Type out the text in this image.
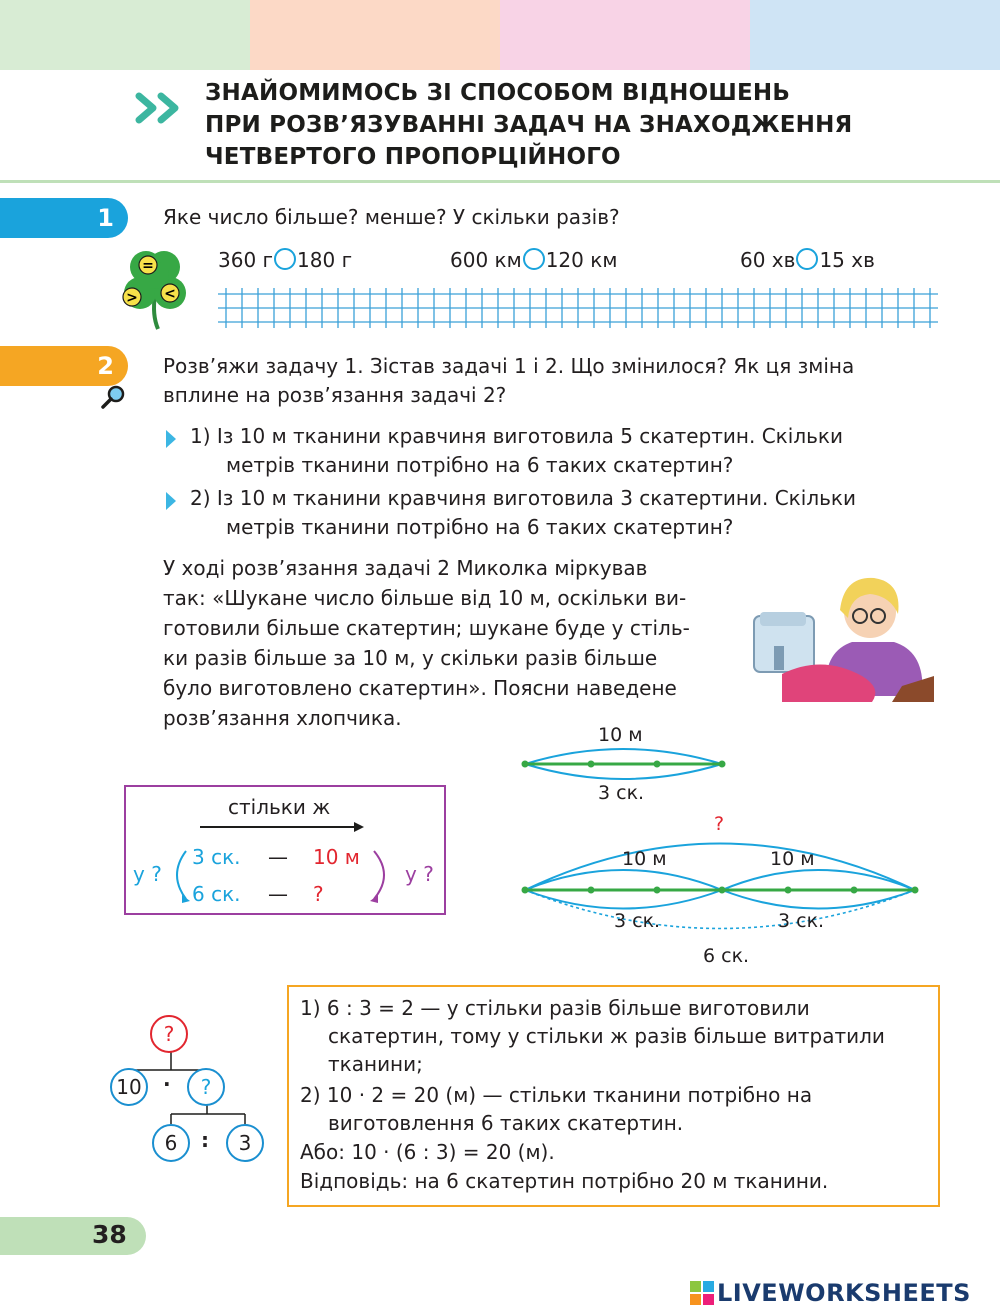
ЗНАЙОМИМОСЬ ЗІ СПОСОБОМ ВІДНОШЕНЬ
ПРИ РОЗВ’ЯЗУВАННІ ЗАДАЧ НА ЗНАХОДЖЕННЯ
ЧЕТВЕРТОГО ПРОПОРЦІЙНОГО
1	Яке число більше? менше? У скільки разів?
=
> <
360 г 180 г	600 км 120 км	60 хв 15 хв
2	Розв’яжи задачу 1. Зістав задачі 1 і 2. Що змінилося? Як ця зміна
вплине на розв’язання задачі 2?
1) Із 10 м тканини кравчиня виготовила 5 скатертин. Скільки
метрів тканини потрібно на 6 таких скатертин?
2) Із 10 м тканини кравчиня виготовила 3 скатертини. Скільки
метрів тканини потрібно на 6 таких скатертин?
У ході розв’язання задачі 2 Миколка міркував
так: «Шукане число більше від 10 м, оскільки ви-
готовили більше скатертин; шукане буде у стіль-
ки разів більше за 10 м, у скільки разів більше
було виготовлено скатертин». Поясни наведене
розв’язання хлопчика.
стільки ж
у ?
3 ск. — 10 м
6 ск. — ?
у ?
10 м
3 ск.
?
10 м	10 м
3 ск.	3 ск.
6 ск.
1) 6 : 3 = 2 — у стільки разів більше виготовили
скатертин, тому у стільки ж разів більше витратили
тканини;
2) 10 · 2 = 20 (м) — стільки тканини потрібно на
виготовлення 6 таких скатертин.
Або: 10 · (6 : 3) = 20 (м).
Відповідь: на 6 скатертин потрібно 20 м тканини.
?
10	·	?
6	:	3
38
LIVEWORKSHEETS
